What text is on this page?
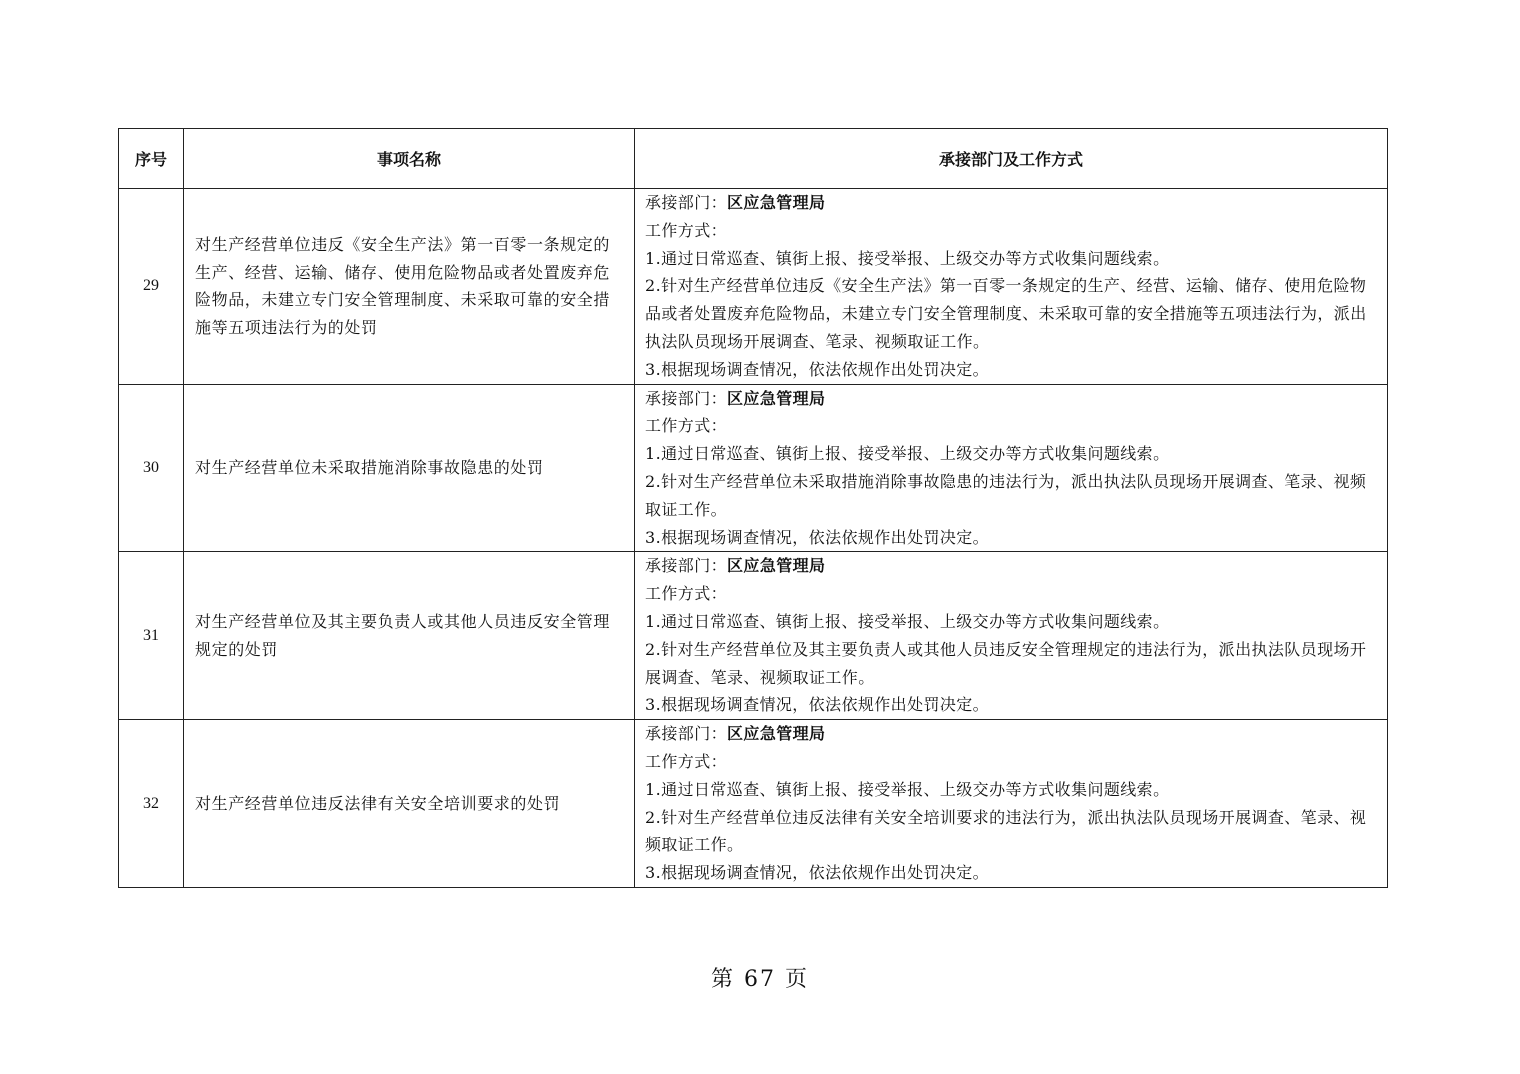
序号	事项名称	承接部门及工作方式
29	对生产经营单位违反《安全生产法》第一百零一条规定的生产、经营、运输、储存、使用危险物品或者处置废弃危险物品，未建立专门安全管理制度、未采取可靠的安全措施等五项违法行为的处罚	承接部门：区应急管理局
工作方式：
1.通过日常巡查、镇街上报、接受举报、上级交办等方式收集问题线索。
2.针对生产经营单位违反《安全生产法》第一百零一条规定的生产、经营、运输、储存、使用危险物品或者处置废弃危险物品，未建立专门安全管理制度、未采取可靠的安全措施等五项违法行为，派出执法队员现场开展调查、笔录、视频取证工作。
3.根据现场调查情况，依法依规作出处罚决定。

30	对生产经营单位未采取措施消除事故隐患的处罚	承接部门：区应急管理局
工作方式：
1.通过日常巡查、镇街上报、接受举报、上级交办等方式收集问题线索。
2.针对生产经营单位未采取措施消除事故隐患的违法行为，派出执法队员现场开展调查、笔录、视频取证工作。
3.根据现场调查情况，依法依规作出处罚决定。

31	对生产经营单位及其主要负责人或其他人员违反安全管理规定的处罚	承接部门：区应急管理局
工作方式：
1.通过日常巡查、镇街上报、接受举报、上级交办等方式收集问题线索。
2.针对生产经营单位及其主要负责人或其他人员违反安全管理规定的违法行为，派出执法队员现场开展调查、笔录、视频取证工作。
3.根据现场调查情况，依法依规作出处罚决定。

32	对生产经营单位违反法律有关安全培训要求的处罚	承接部门：区应急管理局
工作方式：
1.通过日常巡查、镇街上报、接受举报、上级交办等方式收集问题线索。
2.针对生产经营单位违反法律有关安全培训要求的违法行为，派出执法队员现场开展调查、笔录、视频取证工作。
3.根据现场调查情况，依法依规作出处罚决定。
第 67 页
